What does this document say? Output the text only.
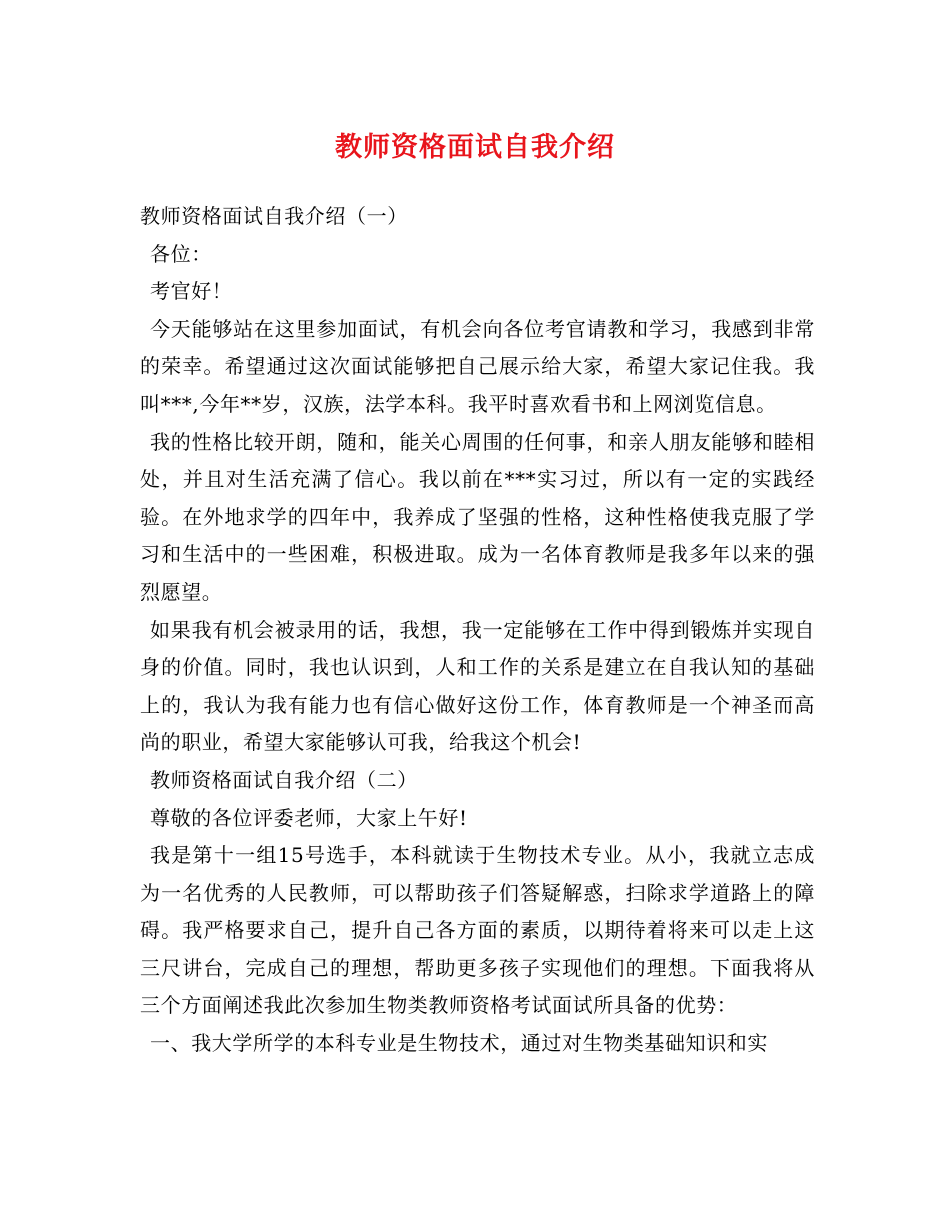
教师资格面试自我介绍

教师资格面试自我介绍（一）

各位：

考官好！

今天能够站在这里参加面试，有机会向各位考官请教和学习，我感到非常的荣幸。希望通过这次面试能够把自己展示给大家，希望大家记住我。我叫***,今年**岁，汉族，法学本科。我平时喜欢看书和上网浏览信息。

我的性格比较开朗，随和，能关心周围的任何事，和亲人朋友能够和睦相处，并且对生活充满了信心。我以前在***实习过，所以有一定的实践经验。在外地求学的四年中，我养成了坚强的性格，这种性格使我克服了学习和生活中的一些困难，积极进取。成为一名体育教师是我多年以来的强烈愿望。

如果我有机会被录用的话，我想，我一定能够在工作中得到锻炼并实现自身的价值。同时，我也认识到，人和工作的关系是建立在自我认知的基础上的，我认为我有能力也有信心做好这份工作，体育教师是一个神圣而高尚的职业，希望大家能够认可我，给我这个机会!

教师资格面试自我介绍（二）

尊敬的各位评委老师，大家上午好!

我是第十一组15号选手，本科就读于生物技术专业。从小，我就立志成为一名优秀的人民教师，可以帮助孩子们答疑解惑，扫除求学道路上的障碍。我严格要求自己，提升自己各方面的素质，以期待着将来可以走上这三尺讲台，完成自己的理想，帮助更多孩子实现他们的理想。下面我将从三个方面阐述我此次参加生物类教师资格考试面试所具备的优势：

一、我大学所学的本科专业是生物技术，通过对生物类基础知识和实
